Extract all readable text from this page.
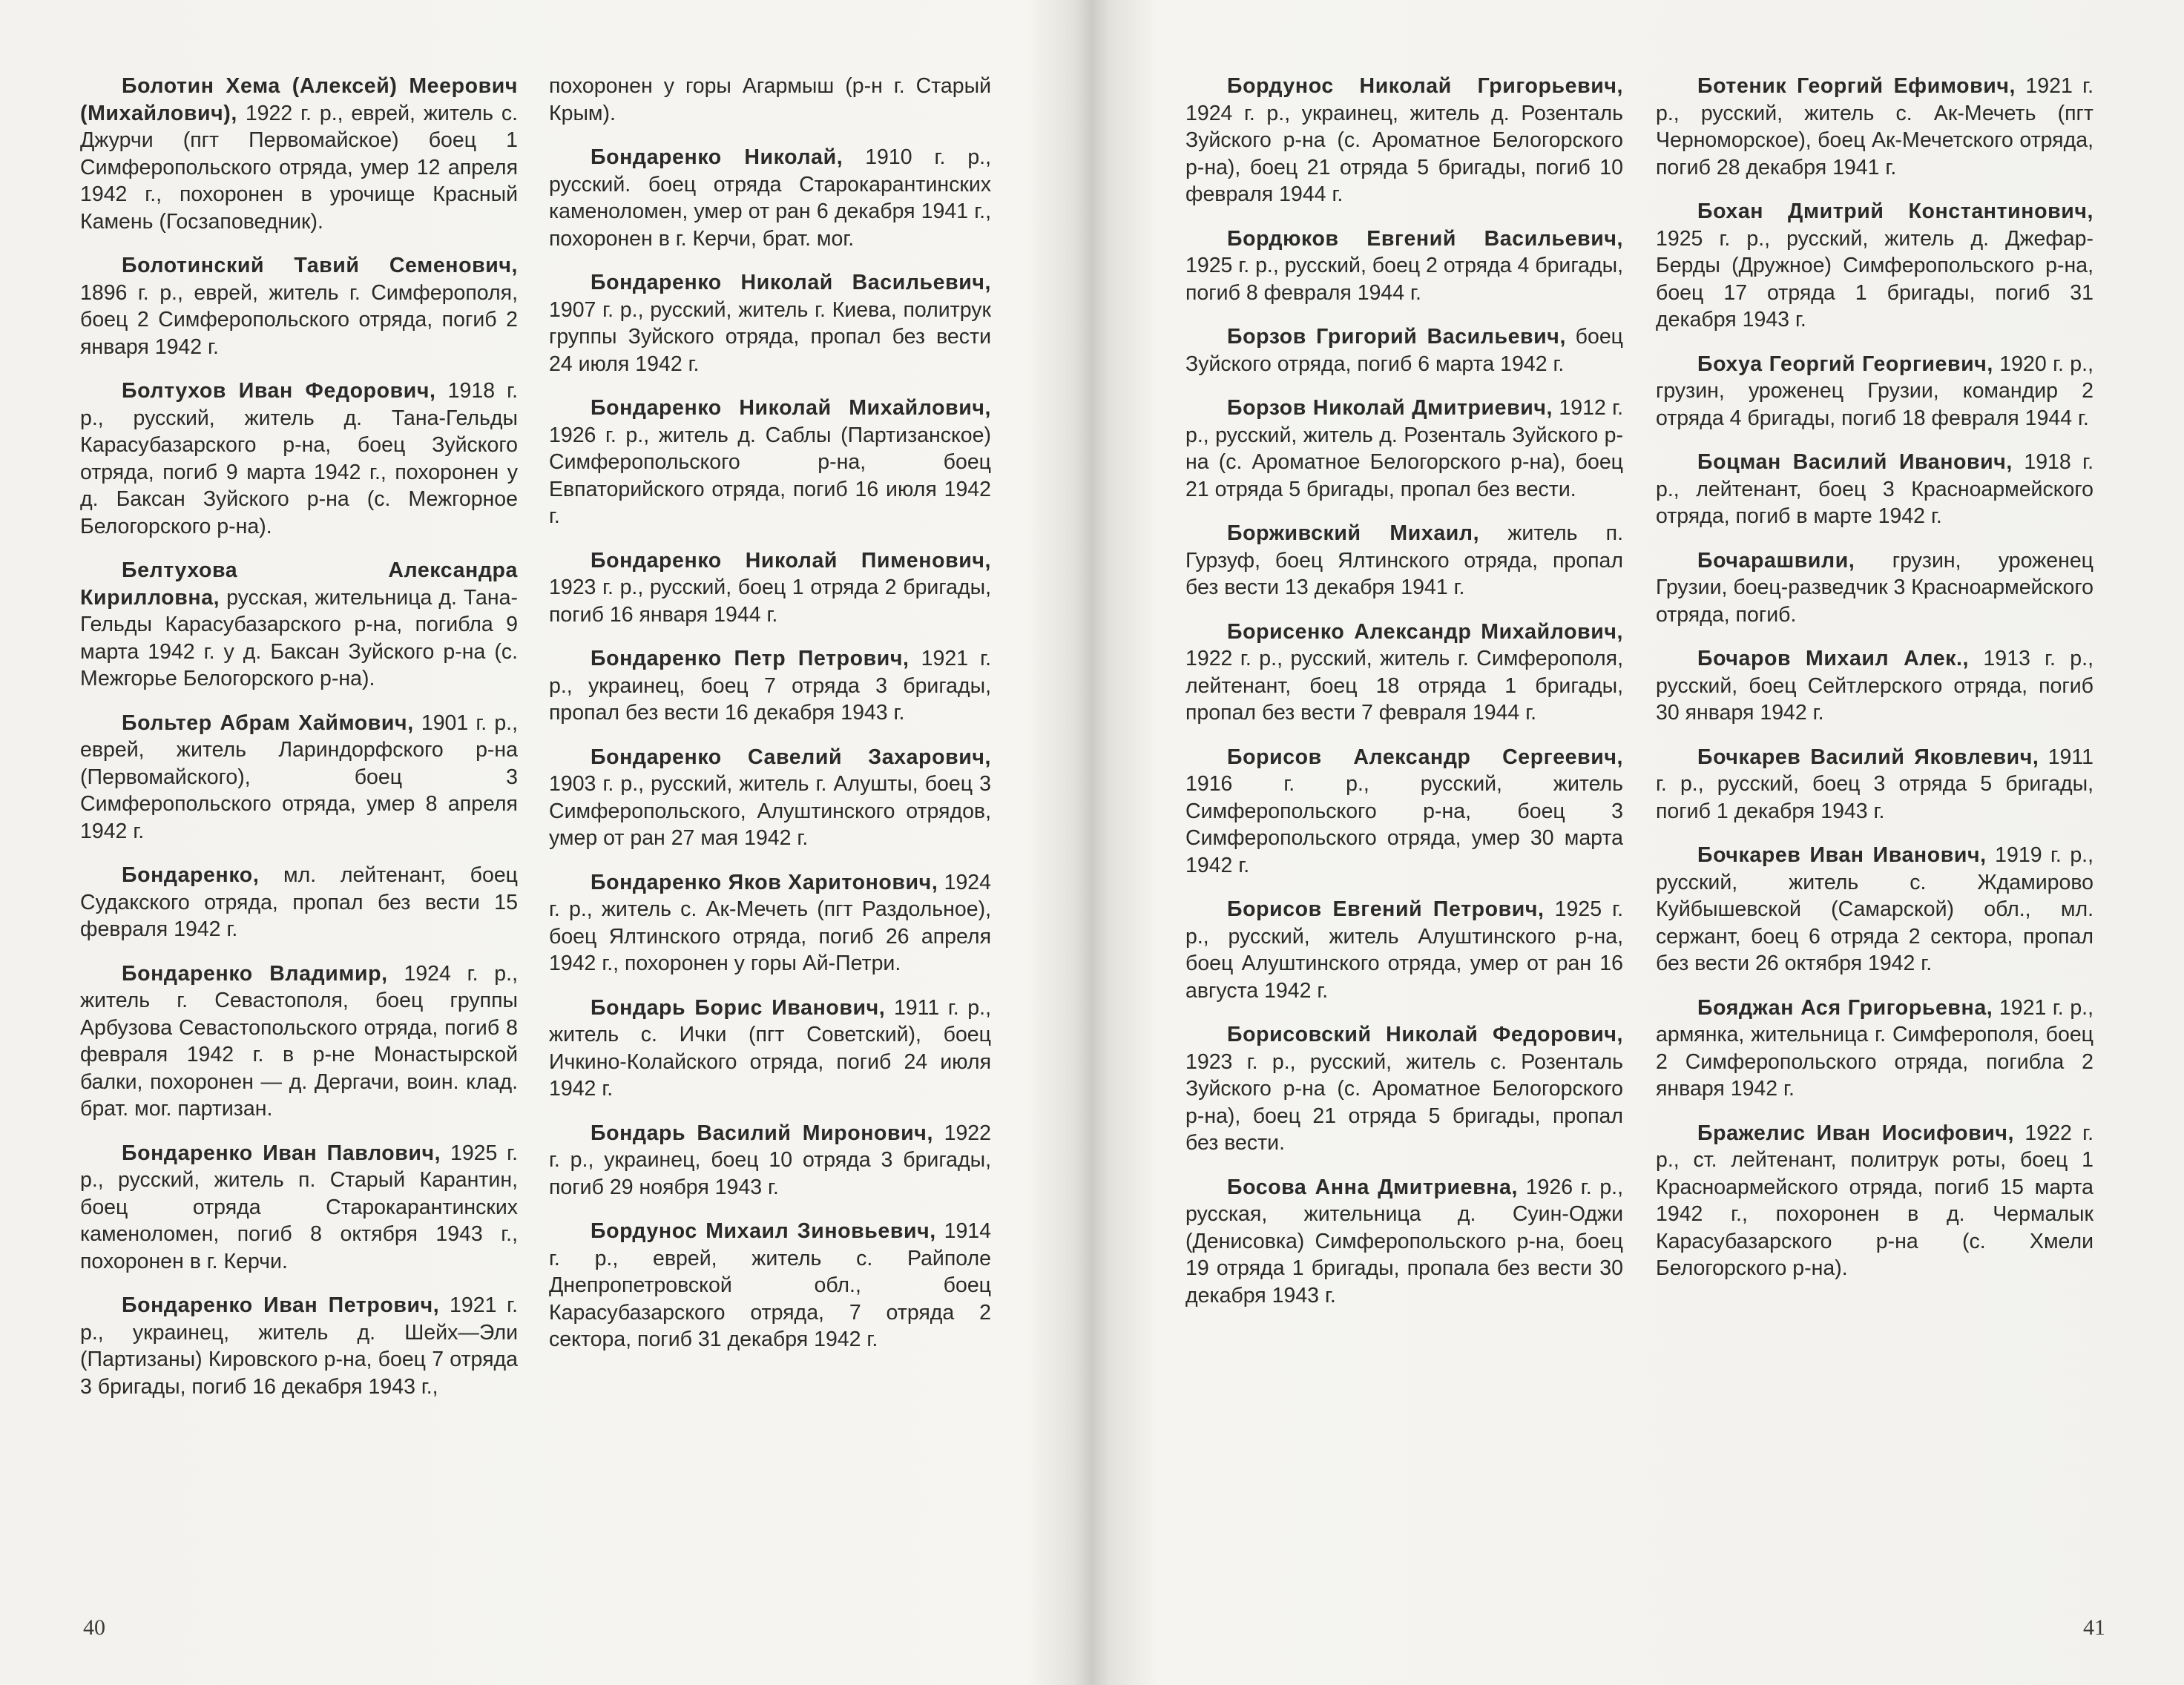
Болотин Хема (Алексей) Меерович (Михайлович), 1922 г. р., еврей, житель с. Джурчи (пгт Первомайское) боец 1 Симферопольского отряда, умер 12 апреля 1942 г., похоронен в урочище Красный Камень (Госзаповедник).

Болотинский Тавий Семенович, 1896 г. р., еврей, житель г. Симферополя, боец 2 Симферопольского отряда, погиб 2 января 1942 г.

Болтухов Иван Федорович, 1918 г. р., русский, житель д. Тана-Гельды Карасубазарского р-на, боец Зуйского отряда, погиб 9 марта 1942 г., похоронен у д. Баксан Зуйского р-на (с. Межгорное Белогорского р-на).

Белтухова Александра Кирилловна, русская, жительница д. Тана-Гельды Карасубазарского р-на, погибла 9 марта 1942 г. у д. Баксан Зуйского р-на (с. Межгорье Белогорского р-на).

Больтер Абрам Хаймович, 1901 г. р., еврей, житель Лариндорфского р-на (Первомайского), боец 3 Симферопольского отряда, умер 8 апреля 1942 г.

Бондаренко, мл. лейтенант, боец Судакского отряда, пропал без вести 15 февраля 1942 г.

Бондаренко Владимир, 1924 г. р., житель г. Севастополя, боец группы Арбузова Севастопольского отряда, погиб 8 февраля 1942 г. в р-не Монастырской балки, похоронен — д. Дергачи, воин. клад. брат. мог. партизан.

Бондаренко Иван Павлович, 1925 г. р., русский, житель п. Старый Карантин, боец отряда Старокарантинских каменоломен, погиб 8 октября 1943 г., похоронен в г. Керчи.

Бондаренко Иван Петрович, 1921 г. р., украинец, житель д. Шейх—Эли (Партизаны) Кировского р-на, боец 7 отряда 3 бригады, погиб 16 декабря 1943 г.,

похоронен у горы Агармыш (р-н г. Старый Крым).

Бондаренко Николай, 1910 г. р., русский. боец отряда Старокарантинских каменоломен, умер от ран 6 декабря 1941 г., похоронен в г. Керчи, брат. мог.

Бондаренко Николай Васильевич, 1907 г. р., русский, житель г. Киева, политрук группы Зуйского отряда, пропал без вести 24 июля 1942 г.

Бондаренко Николай Михайлович, 1926 г. р., житель д. Саблы (Партизанское) Симферопольского р-на, боец Евпаторийского отряда, погиб 16 июля 1942 г.

Бондаренко Николай Пименович, 1923 г. р., русский, боец 1 отряда 2 бригады, погиб 16 января 1944 г.

Бондаренко Петр Петрович, 1921 г. р., украинец, боец 7 отряда 3 бригады, пропал без вести 16 декабря 1943 г.

Бондаренко Савелий Захарович, 1903 г. р., русский, житель г. Алушты, боец 3 Симферопольского, Алуштинского отрядов, умер от ран 27 мая 1942 г.

Бондаренко Яков Харитонович, 1924 г. р., житель с. Ак-Мечеть (пгт Раздольное), боец Ялтинского отряда, погиб 26 апреля 1942 г., похоронен у горы Ай-Петри.

Бондарь Борис Иванович, 1911 г. р., житель с. Ички (пгт Советский), боец Ичкино-Колайского отряда, погиб 24 июля 1942 г.

Бондарь Василий Миронович, 1922 г. р., украинец, боец 10 отряда 3 бригады, погиб 29 ноября 1943 г.

Бордунос Михаил Зиновьевич, 1914 г. р., еврей, житель с. Райполе Днепропетровской обл., боец Карасубазарского отряда, 7 отряда 2 сектора, погиб 31 декабря 1942 г.

40

Бордунос Николай Григорьевич, 1924 г. р., украинец, житель д. Розенталь Зуйского р-на (с. Ароматное Белогорского р-на), боец 21 отряда 5 бригады, погиб 10 февраля 1944 г.

Бордюков Евгений Васильевич, 1925 г. р., русский, боец 2 отряда 4 бригады, погиб 8 февраля 1944 г.

Борзов Григорий Васильевич, боец Зуйского отряда, погиб 6 марта 1942 г.

Борзов Николай Дмитриевич, 1912 г. р., русский, житель д. Розенталь Зуйского р-на (с. Ароматное Белогорского р-на), боец 21 отряда 5 бригады, пропал без вести.

Борживский Михаил, житель п. Гурзуф, боец Ялтинского отряда, пропал без вести 13 декабря 1941 г.

Борисенко Александр Михайлович, 1922 г. р., русский, житель г. Симферополя, лейтенант, боец 18 отряда 1 бригады, пропал без вести 7 февраля 1944 г.

Борисов Александр Сергеевич, 1916 г. р., русский, житель Симферопольского р-на, боец 3 Симферопольского отряда, умер 30 марта 1942 г.

Борисов Евгений Петрович, 1925 г. р., русский, житель Алуштинского р-на, боец Алуштинского отряда, умер от ран 16 августа 1942 г.

Борисовский Николай Федорович, 1923 г. р., русский, житель с. Розенталь Зуйского р-на (с. Ароматное Белогорского р-на), боец 21 отряда 5 бригады, пропал без вести.

Босова Анна Дмитриевна, 1926 г. р., русская, жительница д. Суин-Оджи (Денисовка) Симферопольского р-на, боец 19 отряда 1 бригады, пропала без вести 30 декабря 1943 г.

Ботеник Георгий Ефимович, 1921 г. р., русский, житель с. Ак-Мечеть (пгт Черноморское), боец Ак-Мечетского отряда, погиб 28 декабря 1941 г.

Бохан Дмитрий Константинович, 1925 г. р., русский, житель д. Джефар-Берды (Дружное) Симферопольского р-на, боец 17 отряда 1 бригады, погиб 31 декабря 1943 г.

Бохуа Георгий Георгиевич, 1920 г. р., грузин, уроженец Грузии, командир 2 отряда 4 бригады, погиб 18 февраля 1944 г.

Боцман Василий Иванович, 1918 г. р., лейтенант, боец 3 Красноармейского отряда, погиб в марте 1942 г.

Бочарашвили, грузин, уроженец Грузии, боец-разведчик 3 Красноармейского отряда, погиб.

Бочаров Михаил Алек., 1913 г. р., русский, боец Сейтлерского отряда, погиб 30 января 1942 г.

Бочкарев Василий Яковлевич, 1911 г. р., русский, боец 3 отряда 5 бригады, погиб 1 декабря 1943 г.

Бочкарев Иван Иванович, 1919 г. р., русский, житель с. Ждамирово Куйбышевской (Самарской) обл., мл. сержант, боец 6 отряда 2 сектора, пропал без вести 26 октября 1942 г.

Бояджан Ася Григорьевна, 1921 г. р., армянка, жительница г. Симферополя, боец 2 Симферопольского отряда, погибла 2 января 1942 г.

Бражелис Иван Иосифович, 1922 г. р., ст. лейтенант, политрук роты, боец 1 Красноармейского отряда, погиб 15 марта 1942 г., похоронен в д. Чермалык Карасубазарского р-на (с. Хмели Белогорского р-на).

41
